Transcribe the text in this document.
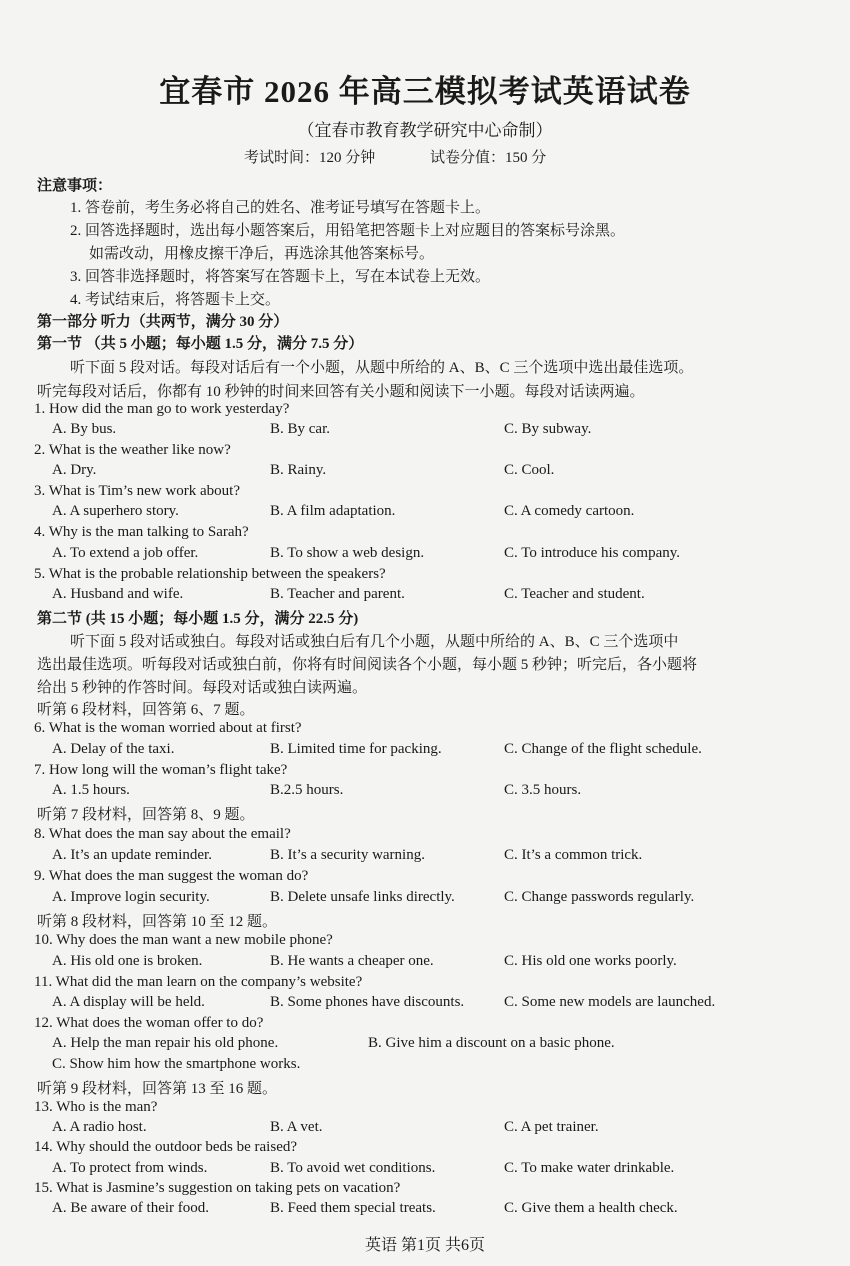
宜春市 2026 年高三模拟考试英语试卷
（宜春市教育教学研究中心命制）
考试时间：120 分钟	试卷分值：150 分
注意事项：
1. 答卷前，考生务必将自己的姓名、准考证号填写在答题卡上。
2. 回答选择题时，选出每小题答案后，用铅笔把答题卡上对应题目的答案标号涂黑。
如需改动，用橡皮擦干净后，再选涂其他答案标号。
3. 回答非选择题时，将答案写在答题卡上，写在本试卷上无效。
4. 考试结束后，将答题卡上交。
第一部分 听力（共两节，满分 30 分）
第一节 （共 5 小题；每小题 1.5 分，满分 7.5 分）
听下面 5 段对话。每段对话后有一个小题，从题中所给的 A、B、C 三个选项中选出最佳选项。
听完每段对话后，你都有 10 秒钟的时间来回答有关小题和阅读下一小题。每段对话读两遍。
1. How did the man go to work yesterday?
A. By bus.	B. By car.	C. By subway.
2. What is the weather like now?
A. Dry.	B. Rainy.	C. Cool.
3. What is Tim’s new work about?
A. A superhero story.	B. A film adaptation.	C. A comedy cartoon.
4. Why is the man talking to Sarah?
A. To extend a job offer.	B. To show a web design.	C. To introduce his company.
5. What is the probable relationship between the speakers?
A. Husband and wife.	B. Teacher and parent.	C. Teacher and student.
第二节 (共 15 小题；每小题 1.5 分，满分 22.5 分)
听下面 5 段对话或独白。每段对话或独白后有几个小题，从题中所给的 A、B、C 三个选项中
选出最佳选项。听每段对话或独白前，你将有时间阅读各个小题，每小题 5 秒钟；听完后，各小题将
给出 5 秒钟的作答时间。每段对话或独白读两遍。
听第 6 段材料，回答第 6、7 题。
6. What is the woman worried about at first?
A. Delay of the taxi.	B. Limited time for packing.	C. Change of the flight schedule.
7. How long will the woman’s flight take?
A. 1.5 hours.	B.2.5 hours.	C. 3.5 hours.
听第 7 段材料，回答第 8、9 题。
8. What does the man say about the email?
A. It’s an update reminder.	B. It’s a security warning.	C. It’s a common trick.
9. What does the man suggest the woman do?
A. Improve login security.	B. Delete unsafe links directly.	C. Change passwords regularly.
听第 8 段材料，回答第 10 至 12 题。
10. Why does the man want a new mobile phone?
A. His old one is broken.	B. He wants a cheaper one.	C. His old one works poorly.
11. What did the man learn on the company’s website?
A. A display will be held.	B. Some phones have discounts.	C. Some new models are launched.
12. What does the woman offer to do?
A. Help the man repair his old phone.	B. Give him a discount on a basic phone.
C. Show him how the smartphone works.
听第 9 段材料，回答第 13 至 16 题。
13. Who is the man?
A. A radio host.	B. A vet.	C. A pet trainer.
14. Why should the outdoor beds be raised?
A. To protect from winds.	B. To avoid wet conditions.	C. To make water drinkable.
15. What is Jasmine’s suggestion on taking pets on vacation?
A. Be aware of their food.	B. Feed them special treats.	C. Give them a health check.
英语 第1页 共6页
